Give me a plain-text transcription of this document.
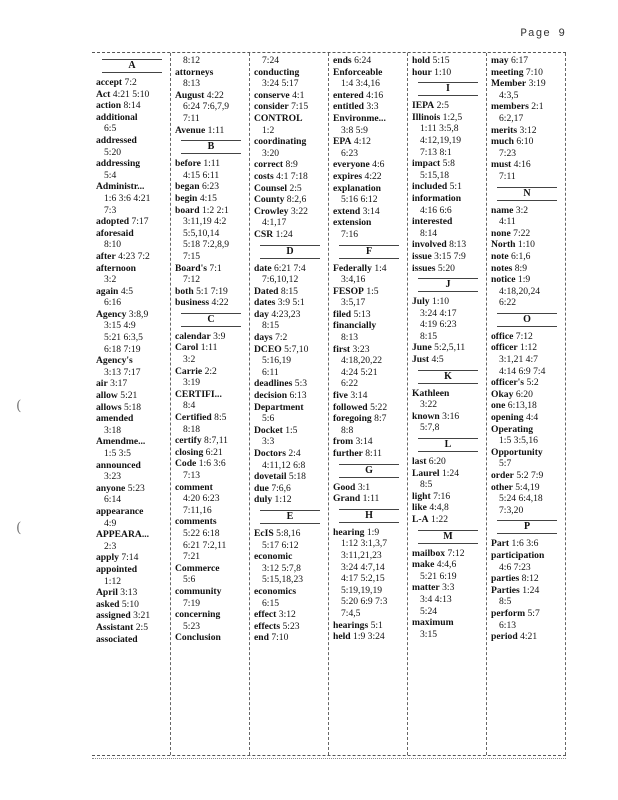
Page 9
(
(
A
accept 7:2
Act 4:21 5:10
action 8:14
additional
6:5
addressed
5:20
addressing
5:4
Administr...
1:6 3:6 4:21
7:3
adopted 7:17
aforesaid
8:10
after 4:23 7:2
afternoon
3:2
again 4:5
6:16
Agency 3:8,9
3:15 4:9
5:21 6:3,5
6:18 7:19
Agency's
3:13 7:17
air 3:17
allow 5:21
allows 5:18
amended
3:18
Amendme...
1:5 3:5
announced
3:23
anyone 5:23
6:14
appearance
4:9
APPEARA...
2:3
apply 7:14
appointed
1:12
April 3:13
asked 5:10
assigned 3:21
Assistant 2:5
associated
8:12
attorneys
8:13
August 4:22
6:24 7:6,7,9
7:11
Avenue 1:11
B
before 1:11
4:15 6:11
began 6:23
begin 4:15
board 1:2 2:1
3:11,19 4:2
5:5,10,14
5:18 7:2,8,9
7:15
Board's 7:1
7:12
both 5:1 7:19
business 4:22
C
calendar 3:9
Carol 1:11
3:2
Carrie 2:2
3:19
CERTIFI...
8:4
Certified 8:5
8:18
certify 8:7,11
closing 6:21
Code 1:6 3:6
7:13
comment
4:20 6:23
7:11,16
comments
5:22 6:18
6:21 7:2,11
7:21
Commerce
5:6
community
7:19
concerning
5:23
Conclusion
7:24
conducting
3:24 5:17
conserve 4:1
consider 7:15
CONTROL
1:2
coordinating
3:20
correct 8:9
costs 4:1 7:18
Counsel 2:5
County 8:2,6
Crowley 3:22
4:1,17
CSR 1:24
D
date 6:21 7:4
7:6,10,12
Dated 8:15
dates 3:9 5:1
day 4:23,23
8:15
days 7:2
DCEO 5:7,10
5:16,19
6:11
deadlines 5:3
decision 6:13
Department
5:6
Docket 1:5
3:3
Doctors 2:4
4:11,12 6:8
dovetail 5:18
due 7:6,6
duly 1:12
E
EcIS 5:8,16
5:17 6:12
economic
3:12 5:7,8
5:15,18,23
economics
6:15
effect 3:12
effects 5:23
end 7:10
ends 6:24
Enforceable
1:4 3:4,16
entered 4:16
entitled 3:3
Environme...
3:8 5:9
EPA 4:12
6:23
everyone 4:6
expires 4:22
explanation
5:16 6:12
extend 3:14
extension
7:16
F
Federally 1:4
3:4,16
FESOP 1:5
3:5,17
filed 5:13
financially
8:13
first 3:23
4:18,20,22
4:24 5:21
6:22
five 3:14
followed 5:22
foregoing 8:7
8:8
from 3:14
further 8:11
G
Good 3:1
Grand 1:11
H
hearing 1:9
1:12 3:1,3,7
3:11,21,23
3:24 4:7,14
4:17 5:2,15
5:19,19,19
5:20 6:9 7:3
7:4,5
hearings 5:1
held 1:9 3:24
hold 5:15
hour 1:10
I
IEPA 2:5
Illinois 1:2,5
1:11 3:5,8
4:12,19,19
7:13 8:1
impact 5:8
5:15,18
included 5:1
information
4:16 6:6
interested
8:14
involved 8:13
issue 3:15 7:9
issues 5:20
J
July 1:10
3:24 4:17
4:19 6:23
8:15
June 5:2,5,11
Just 4:5
K
Kathleen
3:22
known 3:16
5:7,8
L
last 6:20
Laurel 1:24
8:5
light 7:16
like 4:4,8
L-A 1:22
M
mailbox 7:12
make 4:4,6
5:21 6:19
matter 3:3
3:4 4:13
5:24
maximum
3:15
may 6:17
meeting 7:10
Member 3:19
4:3,5
members 2:1
6:2,17
merits 3:12
much 6:10
7:23
must 4:16
7:11
N
name 3:2
4:11
none 7:22
North 1:10
note 6:1,6
notes 8:9
notice 1:9
4:18,20,24
6:22
O
office 7:12
officer 1:12
3:1,21 4:7
4:14 6:9 7:4
officer's 5:2
Okay 6:20
one 6:13,18
opening 4:4
Operating
1:5 3:5,16
Opportunity
5:7
order 5:2 7:9
other 5:4,19
5:24 6:4,18
7:3,20
P
Part 1:6 3:6
participation
4:6 7:23
parties 8:12
Parties 1:24
8:5
perform 5:7
6:13
period 4:21
